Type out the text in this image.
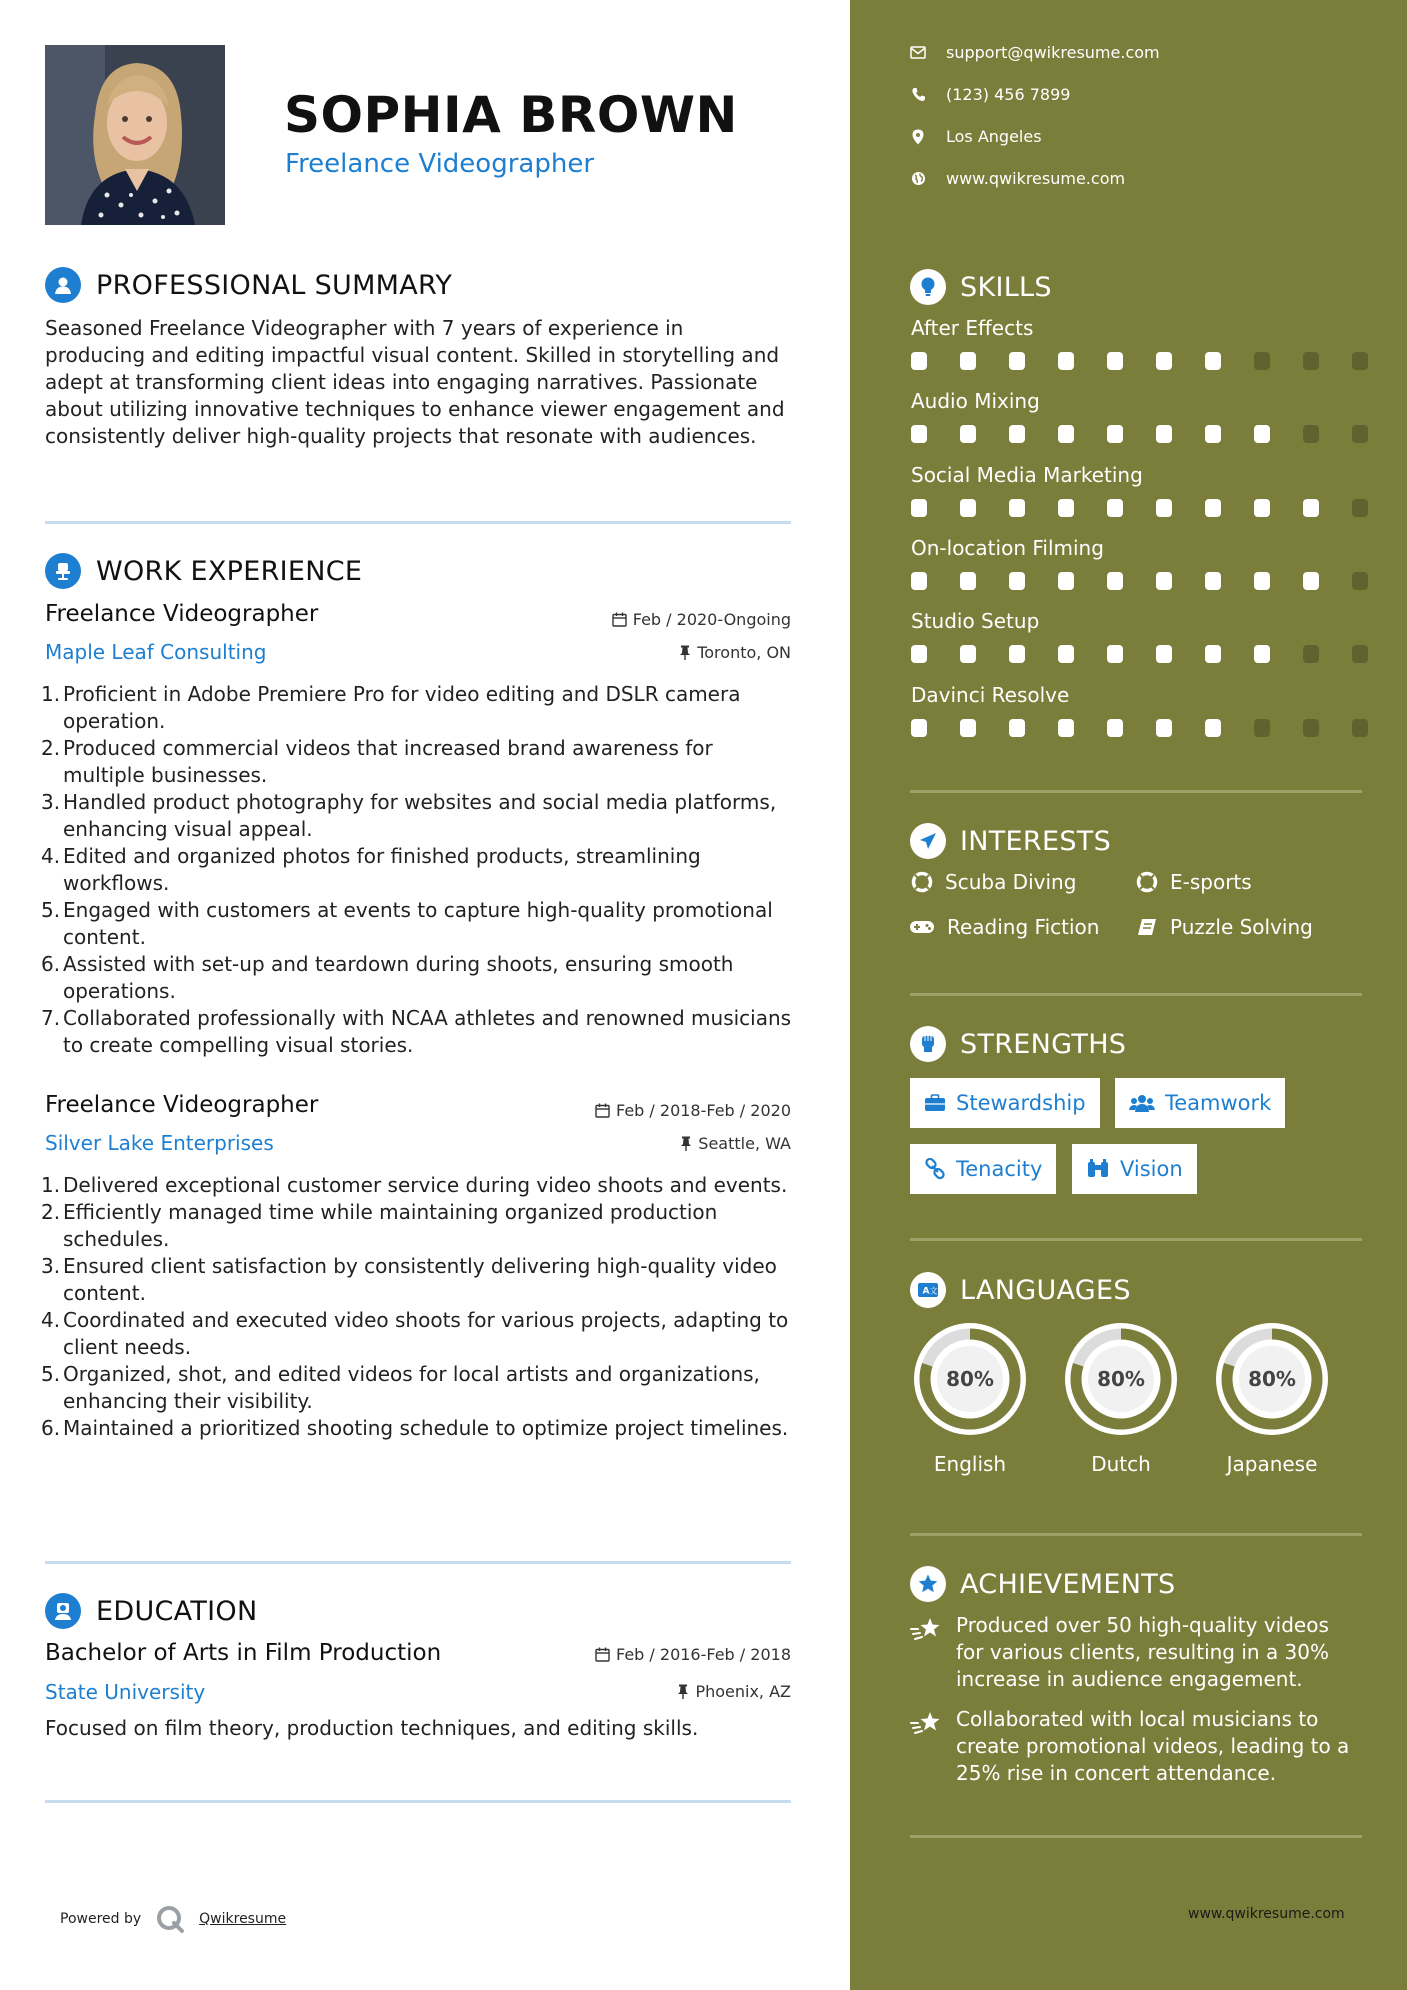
SOPHIA BROWN
Freelance Videographer
PROFESSIONAL SUMMARY
Seasoned Freelance Videographer with 7 years of experience in producing and editing impactful visual content. Skilled in storytelling and adept at transforming client ideas into engaging narratives. Passionate about utilizing innovative techniques to enhance viewer engagement and consistently deliver high-quality projects that resonate with audiences.
WORK EXPERIENCE
Freelance Videographer	Feb / 2020-Ongoing
Maple Leaf Consulting	Toronto, ON
1. Proficient in Adobe Premiere Pro for video editing and DSLR camera operation.
2. Produced commercial videos that increased brand awareness for multiple businesses.
3. Handled product photography for websites and social media platforms, enhancing visual appeal.
4. Edited and organized photos for finished products, streamlining workflows.
5. Engaged with customers at events to capture high-quality promotional content.
6. Assisted with set-up and teardown during shoots, ensuring smooth operations.
7. Collaborated professionally with NCAA athletes and renowned musicians to create compelling visual stories.
Freelance Videographer	Feb / 2018-Feb / 2020
Silver Lake Enterprises	Seattle, WA
1. Delivered exceptional customer service during video shoots and events.
2. Efficiently managed time while maintaining organized production schedules.
3. Ensured client satisfaction by consistently delivering high-quality video content.
4. Coordinated and executed video shoots for various projects, adapting to client needs.
5. Organized, shot, and edited videos for local artists and organizations, enhancing their visibility.
6. Maintained a prioritized shooting schedule to optimize project timelines.
EDUCATION
Bachelor of Arts in Film Production	Feb / 2016-Feb / 2018
State University	Phoenix, AZ
Focused on film theory, production techniques, and editing skills.
Powered by	Qwikresume
support@qwikresume.com
(123) 456 7899
Los Angeles
www.qwikresume.com
SKILLS
After Effects
Audio Mixing
Social Media Marketing
On-location Filming
Studio Setup
Davinci Resolve
INTERESTS
Scuba Diving	E-sports
Reading Fiction	Puzzle Solving
STRENGTHS
Stewardship	Teamwork
Tenacity	Vision
A 文 LANGUAGES
80%
English
80%
Dutch
80%
Japanese
ACHIEVEMENTS
Produced over 50 high-quality videos for various clients, resulting in a 30% increase in audience engagement.
Collaborated with local musicians to create promotional videos, leading to a 25% rise in concert attendance.
www.qwikresume.com
